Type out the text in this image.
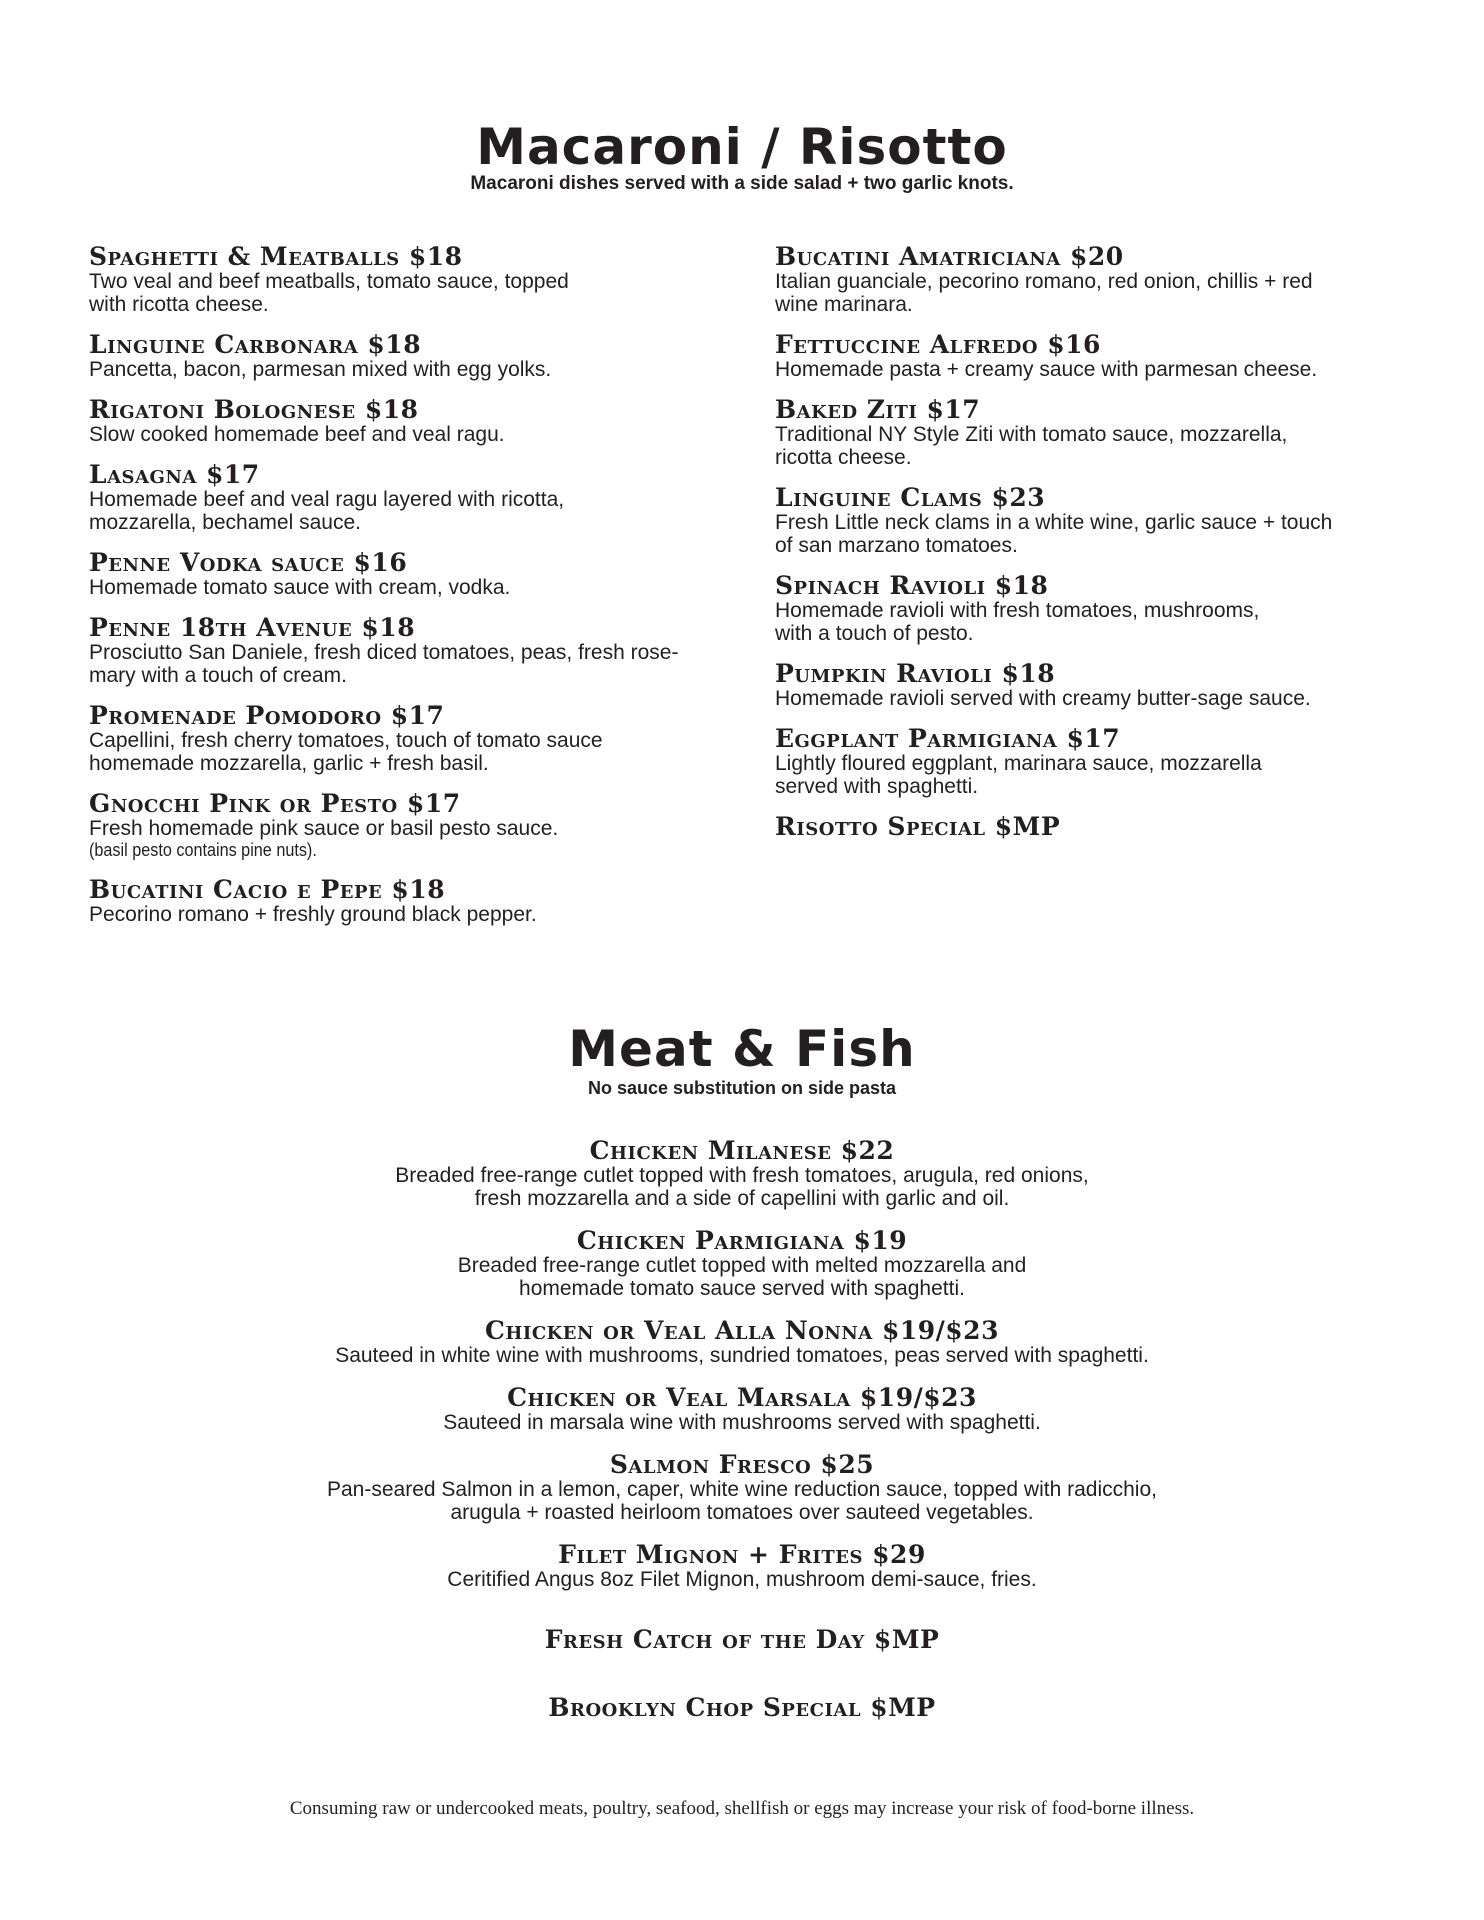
Macaroni / Risotto
Macaroni dishes served with a side salad + two garlic knots.
Spaghetti & Meatballs $18
Two veal and beef meatballs, tomato sauce, topped
with ricotta cheese.
Linguine Carbonara $18
Pancetta, bacon, parmesan mixed with egg yolks.
Rigatoni Bolognese $18
Slow cooked homemade beef and veal ragu.
Lasagna $17
Homemade beef and veal ragu layered with ricotta,
mozzarella, bechamel sauce.
Penne Vodka sauce $16
Homemade tomato sauce with cream, vodka.
Penne 18th Avenue $18
Prosciutto San Daniele, fresh diced tomatoes, peas, fresh rose-
mary with a touch of cream.
Promenade Pomodoro $17
Capellini, fresh cherry tomatoes, touch of tomato sauce
homemade mozzarella, garlic + fresh basil.
Gnocchi Pink or Pesto $17
Fresh homemade pink sauce or basil pesto sauce.
(basil pesto contains pine nuts).
Bucatini Cacio e Pepe $18
Pecorino romano + freshly ground black pepper.
Bucatini Amatriciana $20
Italian guanciale, pecorino romano, red onion, chillis + red
wine marinara.
Fettuccine Alfredo $16
Homemade pasta + creamy sauce with parmesan cheese.
Baked Ziti $17
Traditional NY Style Ziti with tomato sauce, mozzarella,
ricotta cheese.
Linguine Clams $23
Fresh Little neck clams in a white wine, garlic sauce + touch
of san marzano tomatoes.
Spinach Ravioli $18
Homemade ravioli with fresh tomatoes, mushrooms,
with a touch of pesto.
Pumpkin Ravioli $18
Homemade ravioli served with creamy butter-sage sauce.
Eggplant Parmigiana $17
Lightly floured eggplant, marinara sauce, mozzarella
served with spaghetti.
Risotto Special $MP
Meat & Fish
No sauce substitution on side pasta
Chicken Milanese $22
Breaded free-range cutlet topped with fresh tomatoes, arugula, red onions,
fresh mozzarella and a side of capellini with garlic and oil.
Chicken Parmigiana $19
Breaded free-range cutlet topped with melted mozzarella and
homemade tomato sauce served with spaghetti.
Chicken or Veal Alla Nonna $19/$23
Sauteed in white wine with mushrooms, sundried tomatoes, peas served with spaghetti.
Chicken or Veal Marsala $19/$23
Sauteed in marsala wine with mushrooms served with spaghetti.
Salmon Fresco $25
Pan-seared Salmon in a lemon, caper, white wine reduction sauce, topped with radicchio,
arugula + roasted heirloom tomatoes over sauteed vegetables.
Filet Mignon + Frites $29
Ceritified Angus 8oz Filet Mignon, mushroom demi-sauce, fries.
Fresh Catch of the Day $MP
Brooklyn Chop Special $MP
Consuming raw or undercooked meats, poultry, seafood, shellfish or eggs may increase your risk of food-borne illness.
